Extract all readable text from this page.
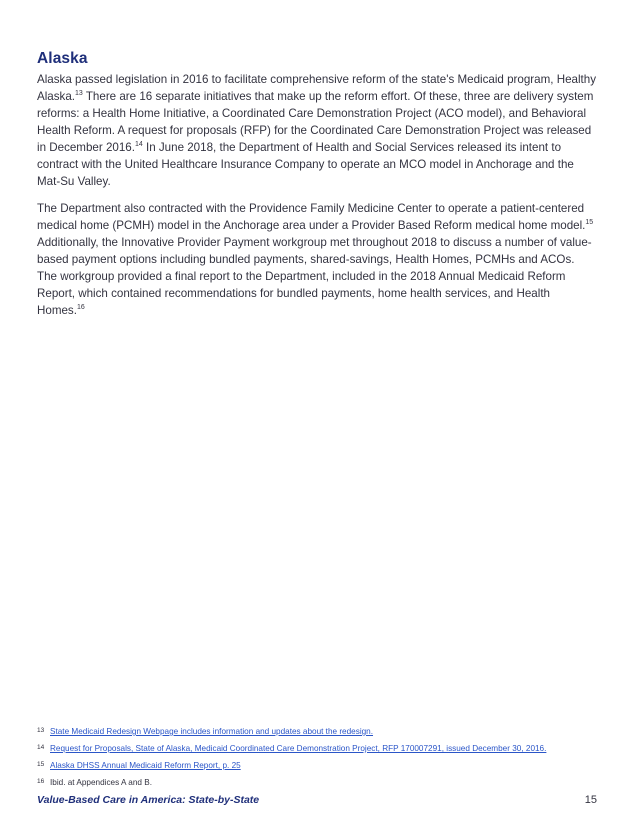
Alaska

Alaska passed legislation in 2016 to facilitate comprehensive reform of the state's Medicaid program, Healthy Alaska.$^{13}$ There are 16 separate initiatives that make up the reform effort. Of these, three are delivery system reforms: a Health Home Initiative, a Coordinated Care Demonstration Project (ACO model), and Behavioral Health Reform. A request for proposals (RFP) for the Coordinated Care Demonstration Project was released in December 2016.14 In June 2018, the Department of Health and Social Services released its intent to contract with the United Healthcare Insurance Company to operate an MCO model in Anchorage and the Mat-Su Valley.

The Department also contracted with the Providence Family Medicine Center to operate a patient-centered medical home (PCMH) model in the Anchorage area under a Provider Based Reform medical home model.$^{15}$ Additionally, the Innovative Provider Payment workgroup met throughout 2018 to discuss a number of value-based payment options including bundled payments, shared-savings, Health Homes, PCMHs and ACOs. The workgroup provided a final report to the Department, included in the 2018 Annual Medicaid Reform Report, which contained recommendations for bundled payments, home health services, and Health Homes.$^{16}$

13 State Medicaid Redesign Webpage includes information and updates about the redesign.
14 Request for Proposals, State of Alaska, Medicaid Coordinated Care Demonstration Project, RFP 170007291, issued December 30, 2016.
15 Alaska DHSS Annual Medicaid Reform Report, p. 25
16 Ibid. at Appendices A and B.
Value-Based Care in America: State-by-State	15
